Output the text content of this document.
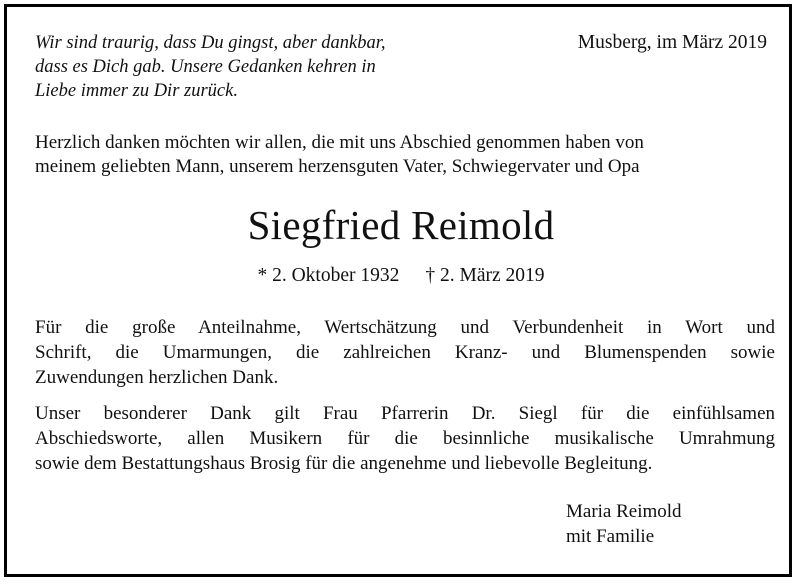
Wir sind traurig, dass Du gingst, aber dankbar,
dass es Dich gab. Unsere Gedanken kehren in
Liebe immer zu Dir zurück.
Musberg, im März 2019
Herzlich danken möchten wir allen, die mit uns Abschied genommen haben von
meinem geliebten Mann, unserem herzensguten Vater, Schwiegervater und Opa
Siegfried Reimold
* 2. Oktober 1932 † 2. März 2019
Für die große Anteilnahme, Wertschätzung und Verbundenheit in Wort und
Schrift, die Umarmungen, die zahlreichen Kranz- und Blumenspenden sowie
Zuwendungen herzlichen Dank.
Unser besonderer Dank gilt Frau Pfarrerin Dr. Siegl für die einfühlsamen
Abschiedsworte, allen Musikern für die besinnliche musikalische Umrahmung
sowie dem Bestattungshaus Brosig für die angenehme und liebevolle Begleitung.
Maria Reimold
mit Familie
